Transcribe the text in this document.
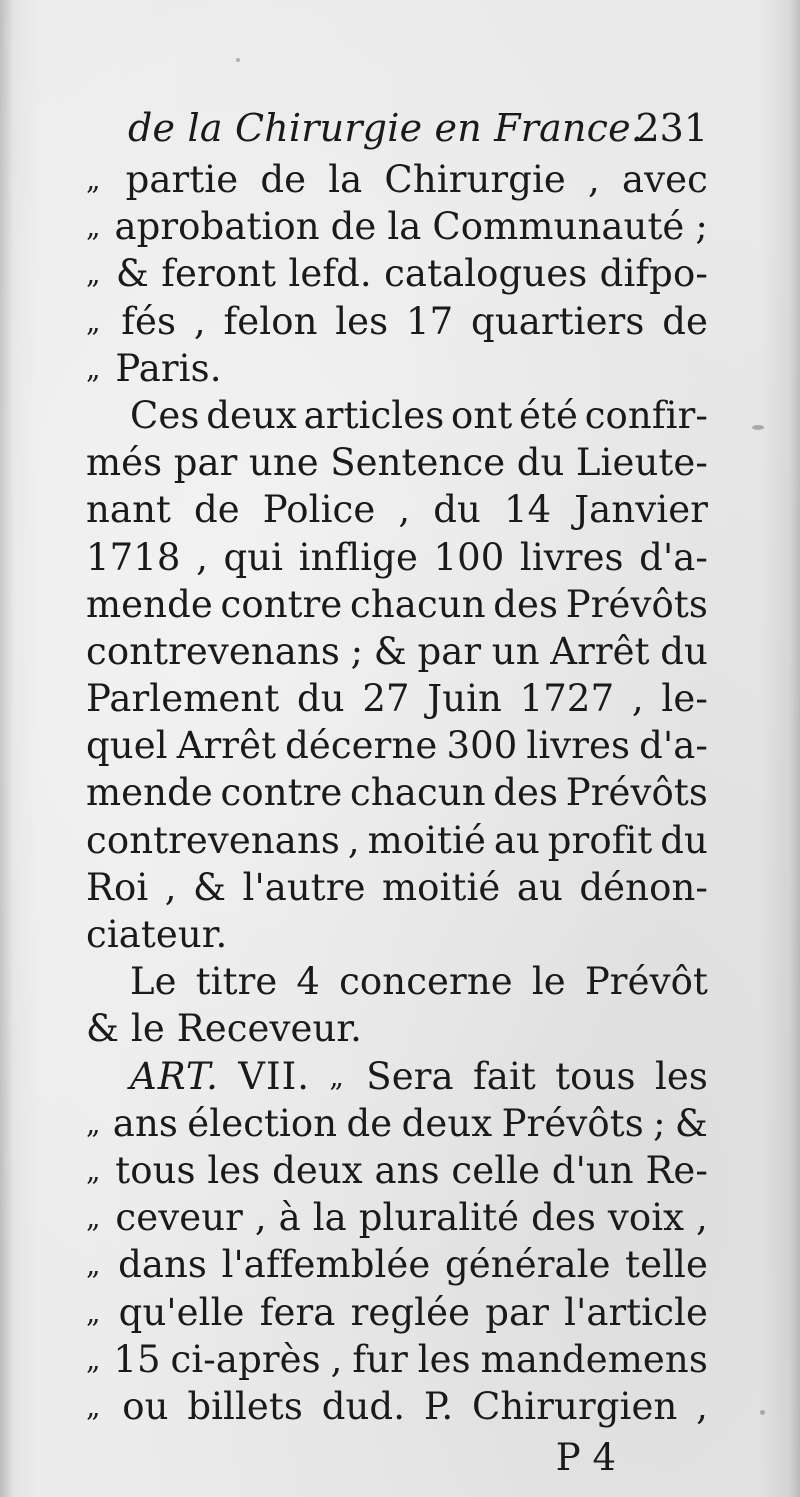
de la Chirurgie en France.
231
„ partie de la Chirurgie , avec
„ aprobation de la Communauté ;
„ & feront lefd. catalogues difpo-
„ fés , felon les 17 quartiers de
„
Paris.
Ces deux articles ont été confir-
més par une Sentence du Lieute-
nant de Police , du 14 Janvier
1718 , qui inflige 100 livres d'a-
mende contre chacun des Prévôts
contrevenans ; & par un Arrêt du
Parlement du 27 Juin 1727 , le-
quel Arrêt décerne 300 livres d'a-
mende contre chacun des Prévôts
contrevenans , moitié au profit du
Roi , & l'autre moitié au dénon-
ciateur.
Le titre 4 concerne le Prévôt
&
le
Receveur.
ART. VII. „ Sera fait tous les
„ ans élection de deux Prévôts ; &
„ tous les deux ans celle d'un Re-
„ ceveur , à la pluralité des voix ,
„ dans l'affemblée générale telle
„ qu'elle fera reglée par l'article
„ 15 ci-après , fur les mandemens
„ ou billets dud. P. Chirurgien ,
P 4
